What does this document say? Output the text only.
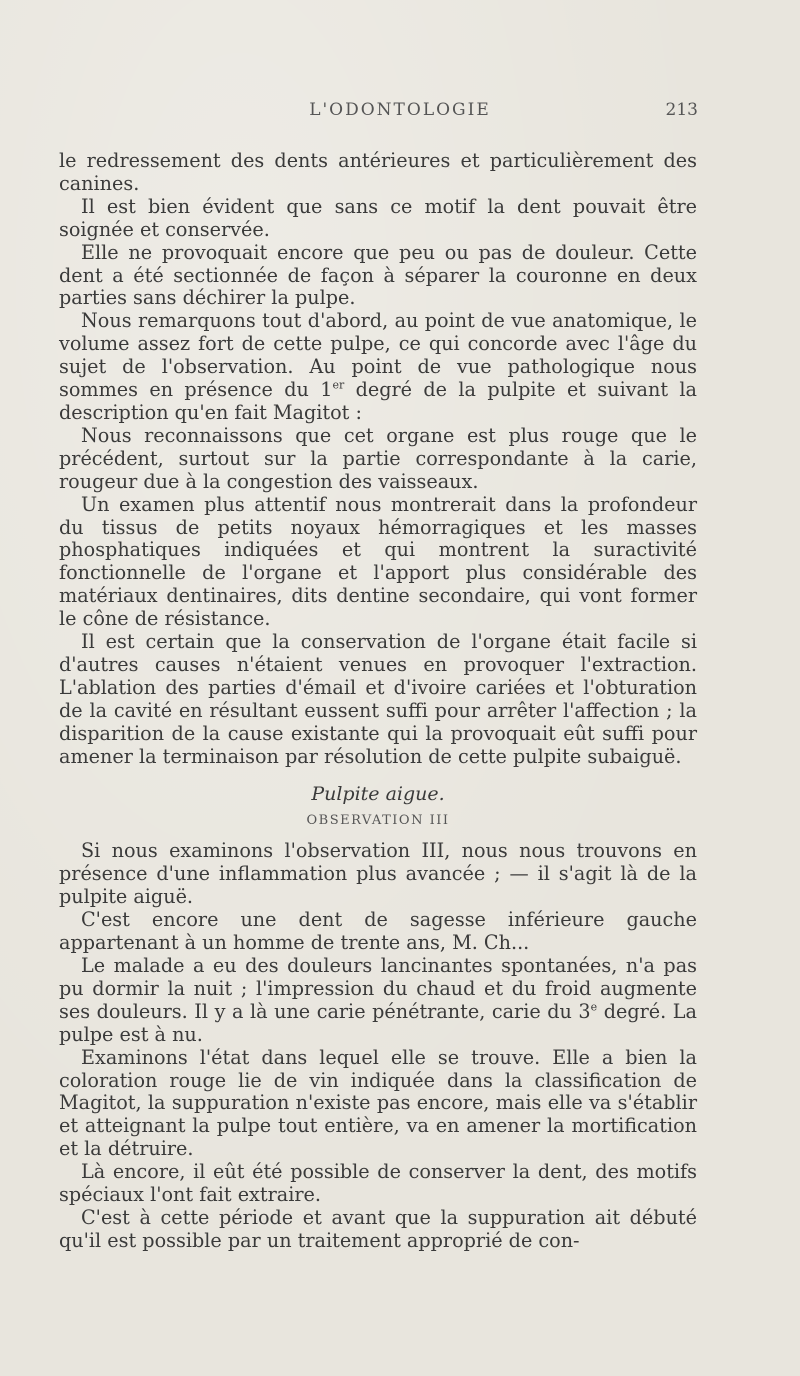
L'ODONTOLOGIE	213

le redressement des dents antérieures et particulièrement des canines.

Il est bien évident que sans ce motif la dent pouvait être soignée et conservée.

Elle ne provoquait encore que peu ou pas de douleur. Cette dent a été sectionnée de façon à séparer la couronne en deux parties sans déchirer la pulpe.

Nous remarquons tout d'abord, au point de vue anatomique, le volume assez fort de cette pulpe, ce qui concorde avec l'âge du sujet de l'observation. Au point de vue pathologique nous sommes en présence du 1er degré de la pulpite et suivant la description qu'en fait Magitot :

Nous reconnaissons que cet organe est plus rouge que le précédent, surtout sur la partie correspondante à la carie, rougeur due à la congestion des vaisseaux.

Un examen plus attentif nous montrerait dans la profondeur du tissus de petits noyaux hémorragiques et les masses phosphatiques indiquées et qui montrent la suractivité fonctionnelle de l'organe et l'apport plus considérable des matériaux dentinaires, dits dentine secondaire, qui vont former le cône de résistance.

Il est certain que la conservation de l'organe était facile si d'autres causes n'étaient venues en provoquer l'extraction. L'ablation des parties d'émail et d'ivoire cariées et l'obturation de la cavité en résultant eussent suffi pour arrêter l'affection ; la disparition de la cause existante qui la provoquait eût suffi pour amener la terminaison par résolution de cette pulpite subaiguë.

Pulpite aigue.
OBSERVATION III

Si nous examinons l'observation III, nous nous trouvons en présence d'une inflammation plus avancée ; — il s'agit là de la pulpite aiguë.

C'est encore une dent de sagesse inférieure gauche appartenant à un homme de trente ans, M. Ch...

Le malade a eu des douleurs lancinantes spontanées, n'a pas pu dormir la nuit ; l'impression du chaud et du froid augmente ses douleurs. Il y a là une carie pénétrante, carie du 3e degré. La pulpe est à nu.

Examinons l'état dans lequel elle se trouve. Elle a bien la coloration rouge lie de vin indiquée dans la classification de Magitot, la suppuration n'existe pas encore, mais elle va s'établir et atteignant la pulpe tout entière, va en amener la mortification et la détruire.

Là encore, il eût été possible de conserver la dent, des motifs spéciaux l'ont fait extraire.

C'est à cette période et avant que la suppuration ait débuté qu'il est possible par un traitement approprié de con-
